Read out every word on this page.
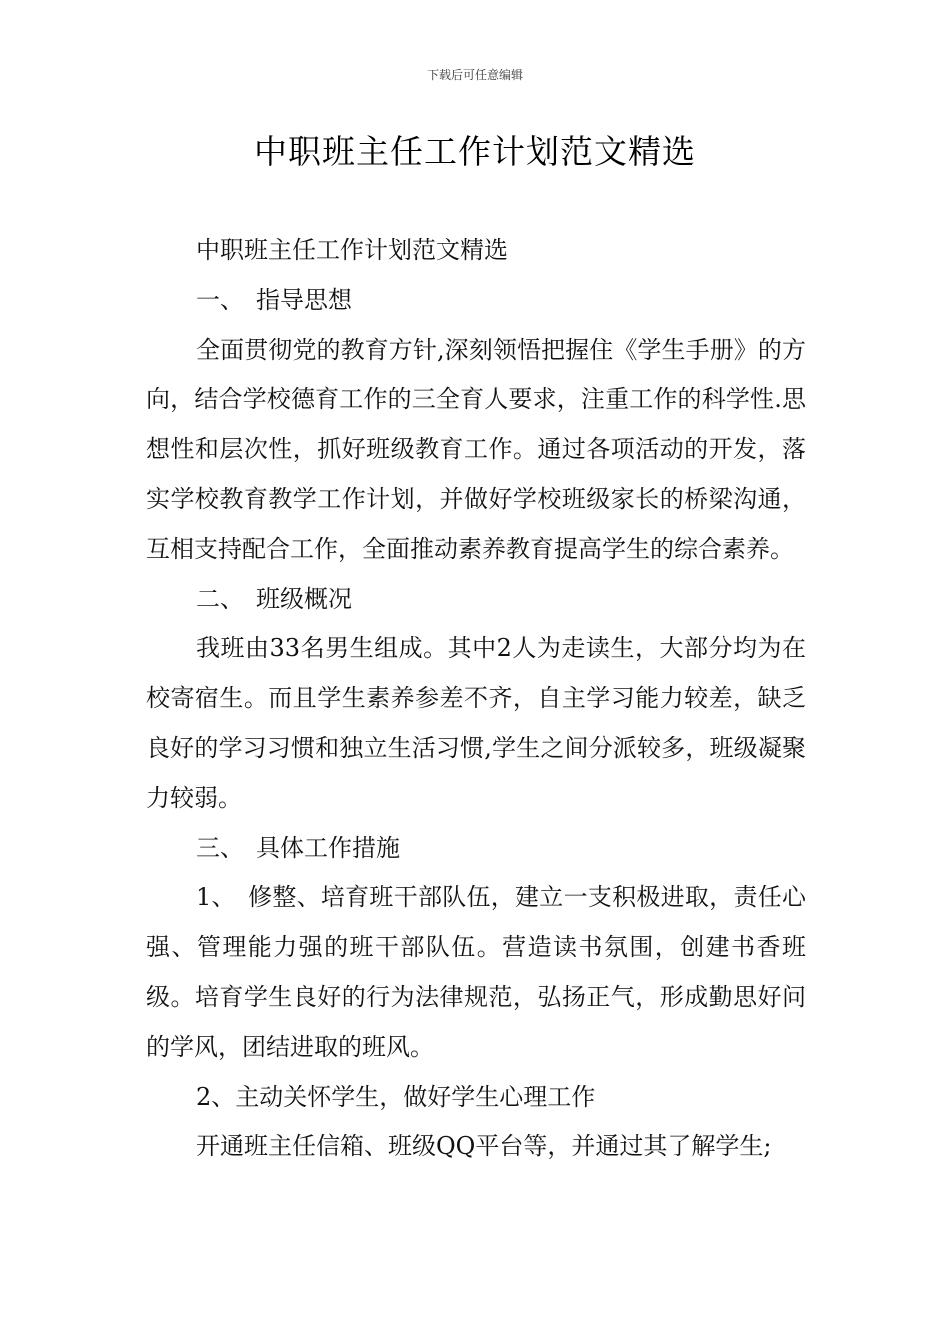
下载后可任意编辑
中职班主任工作计划范文精选

中职班主任工作计划范文精选

一、　指导思想

全面贯彻党的教育方针,深刻领悟把握住《学生手册》的方向，结合学校德育工作的三全育人要求，注重工作的科学性.思想性和层次性，抓好班级教育工作。通过各项活动的开发，落实学校教育教学工作计划，并做好学校班级家长的桥梁沟通，互相支持配合工作，全面推动素养教育提高学生的综合素养。

二、　班级概况

我班由33名男生组成。其中2人为走读生，大部分均为在校寄宿生。而且学生素养参差不齐，自主学习能力较差，缺乏良好的学习习惯和独立生活习惯,学生之间分派较多，班级凝聚力较弱。

三、　具体工作措施

1、　修整、培育班干部队伍，建立一支积极进取，责任心强、管理能力强的班干部队伍。营造读书氛围，创建书香班级。培育学生良好的行为法律规范，弘扬正气，形成勤思好问的学风，团结进取的班风。

2、主动关怀学生，做好学生心理工作

开通班主任信箱、班级QQ平台等，并通过其了解学生;
